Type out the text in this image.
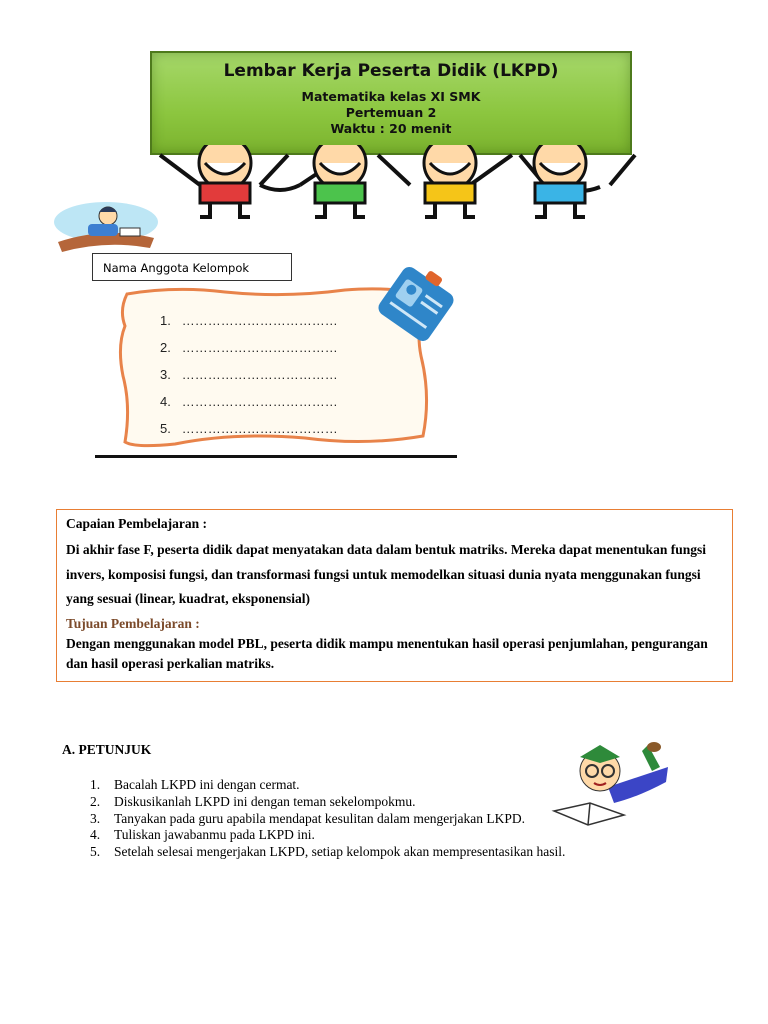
Lembar Kerja Peserta Didik (LKPD)
Matematika kelas XI SMK
Pertemuan 2
Waktu : 20 menit
Nama Anggota Kelompok
1. ………………………………
2. ………………………………
3. ………………………………
4. ………………………………
5. ………………………………

Capaian Pembelajaran :

Di akhir fase F, peserta didik dapat menyatakan data dalam bentuk matriks. Mereka dapat menentukan fungsi invers, komposisi fungsi, dan transformasi fungsi untuk memodelkan situasi dunia nyata menggunakan fungsi yang sesuai (linear, kuadrat, eksponensial)

Tujuan Pembelajaran :

Dengan menggunakan model PBL, peserta didik mampu menentukan hasil operasi penjumlahan, pengurangan dan hasil operasi perkalian matriks.

A. PETUNJUK
1. Bacalah LKPD ini dengan cermat.
2. Diskusikanlah LKPD ini dengan teman sekelompokmu.
3. Tanyakan pada guru apabila mendapat kesulitan dalam mengerjakan LKPD.
4. Tuliskan jawabanmu pada LKPD ini.
5. Setelah selesai mengerjakan LKPD, setiap kelompok akan mempresentasikan hasil.
